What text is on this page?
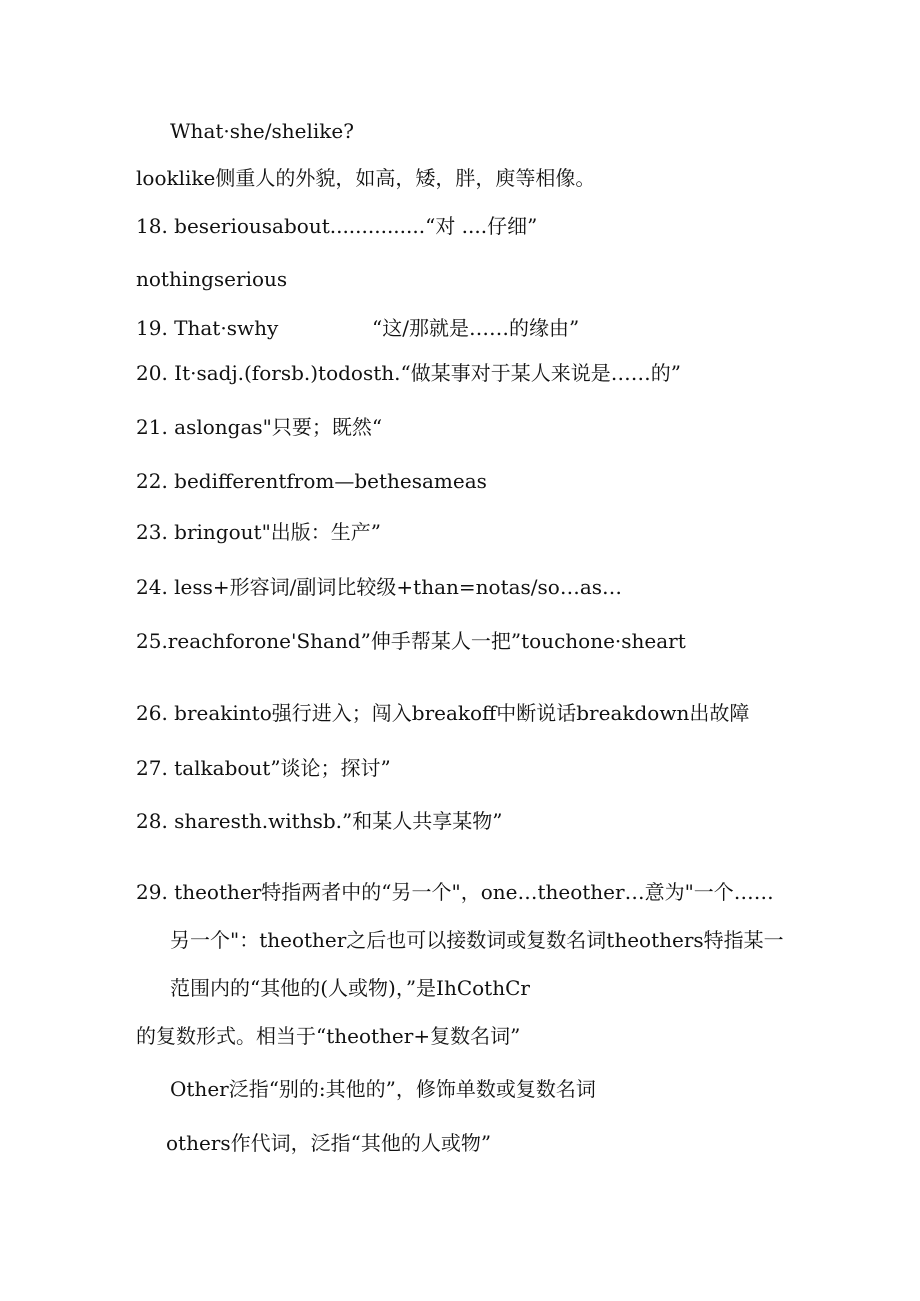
What·she/shelike?
looklike侧重人的外貌，如高，矮，胖，庾等相像。
18. beseriousabout...............“对 ....仔细”
nothingserious
19. That·swhy	“这/那就是……的缘由”
20. It·sadj.(forsb.)todosth.“做某事对于某人来说是……的”
21. aslongas"只要；既然“
22. bedifferentfrom—bethesameas
23. bringout"出版：生产”
24. less+形容词/副词比较级+than=notas/so…as…
25.reachforone'Shand”伸手帮某人一把”touchone·sheart
26. breakinto强行进入；闯入breakoff中断说话breakdown出故障
27. talkabout”谈论；探讨”
28. sharesth.withsb.”和某人共享某物”
29. theother特指两者中的“另一个"，one…theother…意为"一个……
另一个"：theother之后也可以接数词或复数名词theothers特指某一
范围内的“其他的(人或物)，”是IhCothCr
的复数形式。相当于“theother+复数名词”
Other泛指“别的:其他的”，修饰单数或复数名词
others作代词，泛指“其他的人或物”
